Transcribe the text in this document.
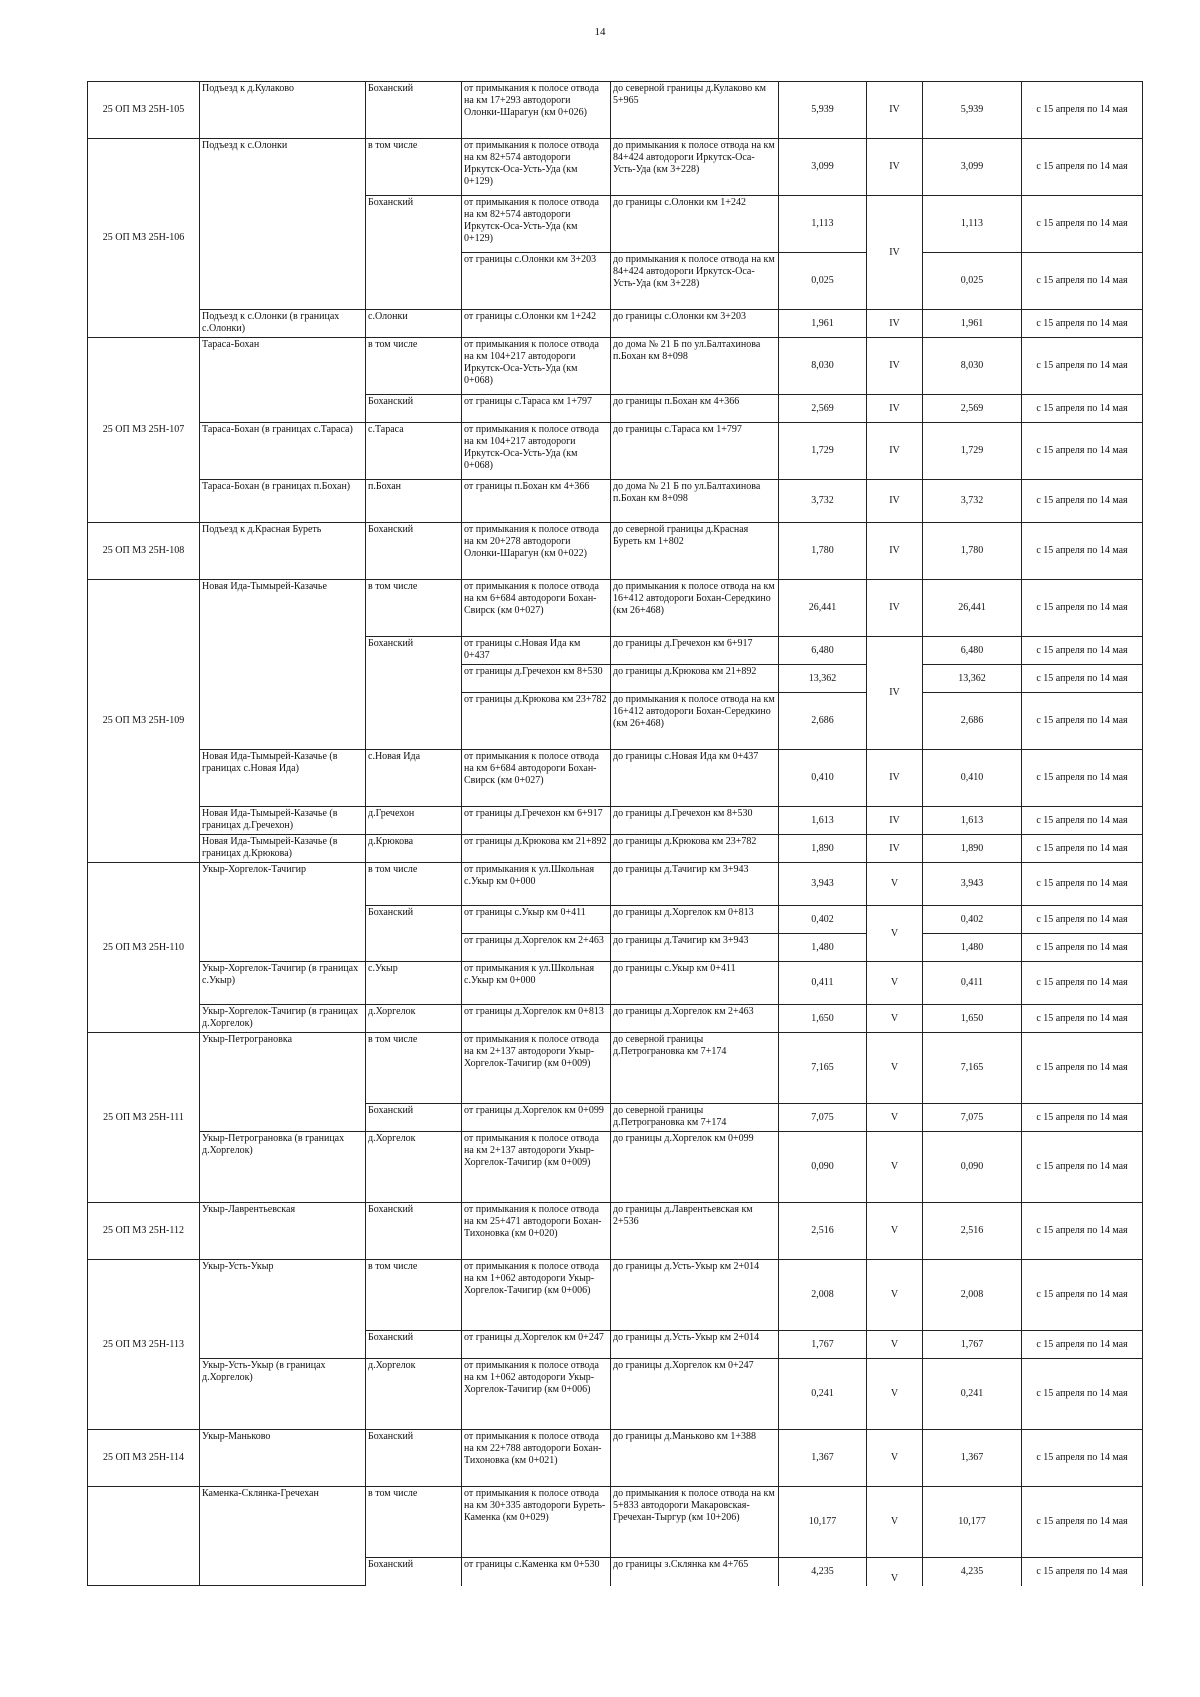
14
25 ОП МЗ 25Н-105	Подъезд к д.Кулаково	Боханский	от примыкания к полосе отвода на км 17+293 автодороги Олонки-Шарагун (км 0+026)	до северной границы д.Кулаково км 5+965	5,939	IV	5,939	с 15 апреля по 14 мая
25 ОП МЗ 25Н-106	Подъезд к с.Олонки	в том числе	от примыкания к полосе отвода на км 82+574 автодороги Иркутск-Оса-Усть-Уда (км 0+129)	до примыкания к полосе отвода на км 84+424 автодороги Иркутск-Оса-Усть-Уда (км 3+228)	3,099	IV	3,099	с 15 апреля по 14 мая
		Боханский	от примыкания к полосе отвода на км 82+574 автодороги Иркутск-Оса-Усть-Уда (км 0+129)	до границы с.Олонки км 1+242	1,113	IV	1,113	с 15 апреля по 14 мая
			от границы с.Олонки км 3+203	до примыкания к полосе отвода на км 84+424 автодороги Иркутск-Оса-Усть-Уда (км 3+228)	0,025		0,025	с 15 апреля по 14 мая
	Подъезд к с.Олонки (в границах с.Олонки)	с.Олонки	от границы с.Олонки км 1+242	до границы с.Олонки км 3+203	1,961	IV	1,961	с 15 апреля по 14 мая
25 ОП МЗ 25Н-107	Тараса-Бохан	в том числе	от примыкания к полосе отвода на км 104+217 автодороги Иркутск-Оса-Усть-Уда (км 0+068)	до дома № 21 Б по ул.Балтахинова п.Бохан км 8+098	8,030	IV	8,030	с 15 апреля по 14 мая
		Боханский	от границы с.Тараса км 1+797	до границы п.Бохан км 4+366	2,569	IV	2,569	с 15 апреля по 14 мая
	Тараса-Бохан (в границах с.Тараса)	с.Тараса	от примыкания к полосе отвода на км 104+217 автодороги Иркутск-Оса-Усть-Уда (км 0+068)	до границы с.Тараса км 1+797	1,729	IV	1,729	с 15 апреля по 14 мая
	Тараса-Бохан (в границах п.Бохан)	п.Бохан	от границы п.Бохан км 4+366	до дома № 21 Б по ул.Балтахинова п.Бохан км 8+098	3,732	IV	3,732	с 15 апреля по 14 мая
25 ОП МЗ 25Н-108	Подъезд к д.Красная Буреть	Боханский	от примыкания к полосе отвода на км 20+278 автодороги Олонки-Шарагун (км 0+022)	до северной границы д.Красная Буреть км 1+802	1,780	IV	1,780	с 15 апреля по 14 мая
25 ОП МЗ 25Н-109	Новая Ида-Тымырей-Казачье	в том числе	от примыкания к полосе отвода на км 6+684 автодороги Бохан-Свирск (км 0+027)	до примыкания к полосе отвода на км 16+412 автодороги Бохан-Середкино (км 26+468)	26,441	IV	26,441	с 15 апреля по 14 мая
		Боханский	от границы с.Новая Ида км 0+437	до границы д.Гречехон км 6+917	6,480	IV	6,480	с 15 апреля по 14 мая
			от границы д.Гречехон км 8+530	до границы д.Крюкова км 21+892	13,362		13,362	с 15 апреля по 14 мая
			от границы д.Крюкова км 23+782	до примыкания к полосе отвода на км 16+412 автодороги Бохан-Середкино (км 26+468)	2,686		2,686	с 15 апреля по 14 мая
	Новая Ида-Тымырей-Казачье (в границах с.Новая Ида)	с.Новая Ида	от примыкания к полосе отвода на км 6+684 автодороги Бохан-Свирск (км 0+027)	до границы с.Новая Ида км 0+437	0,410	IV	0,410	с 15 апреля по 14 мая
	Новая Ида-Тымырей-Казачье (в границах д.Гречехон)	д.Гречехон	от границы д.Гречехон км 6+917	до границы д.Гречехон км 8+530	1,613	IV	1,613	с 15 апреля по 14 мая
	Новая Ида-Тымырей-Казачье (в границах д.Крюкова)	д.Крюкова	от границы д.Крюкова км 21+892	до границы д.Крюкова км 23+782	1,890	IV	1,890	с 15 апреля по 14 мая
25 ОП МЗ 25Н-110	Укыр-Хоргелок-Тачигир	в том числе	от примыкания к ул.Школьная с.Укыр км 0+000	до границы д.Тачигир км 3+943	3,943	V	3,943	с 15 апреля по 14 мая
		Боханский	от границы с.Укыр км 0+411	до границы д.Хоргелок км 0+813	0,402	V	0,402	с 15 апреля по 14 мая
			от границы д.Хоргелок км 2+463	до границы д.Тачигир км 3+943	1,480		1,480	с 15 апреля по 14 мая
	Укыр-Хоргелок-Тачигир (в границах с.Укыр)	с.Укыр	от примыкания к ул.Школьная с.Укыр км 0+000	до границы с.Укыр км 0+411	0,411	V	0,411	с 15 апреля по 14 мая
	Укыр-Хоргелок-Тачигир (в границах д.Хоргелок)	д.Хоргелок	от границы д.Хоргелок км 0+813	до границы д.Хоргелок км 2+463	1,650	V	1,650	с 15 апреля по 14 мая
25 ОП МЗ 25Н-111	Укыр-Петрограновка	в том числе	от примыкания к полосе отвода на км 2+137 автодороги Укыр-Хоргелок-Тачигир (км 0+009)	до северной границы д.Петрограновка км 7+174	7,165	V	7,165	с 15 апреля по 14 мая
		Боханский	от границы д.Хоргелок км 0+099	до северной границы д.Петрограновка км 7+174	7,075	V	7,075	с 15 апреля по 14 мая
	Укыр-Петрограновка (в границах д.Хоргелок)	д.Хоргелок	от примыкания к полосе отвода на км 2+137 автодороги Укыр-Хоргелок-Тачигир (км 0+009)	до границы д.Хоргелок км 0+099	0,090	V	0,090	с 15 апреля по 14 мая
25 ОП МЗ 25Н-112	Укыр-Лаврентьевская	Боханский	от примыкания к полосе отвода на км 25+471 автодороги Бохан-Тихоновка (км 0+020)	до границы д.Лаврентьевская км 2+536	2,516	V	2,516	с 15 апреля по 14 мая
25 ОП МЗ 25Н-113	Укыр-Усть-Укыр	в том числе	от примыкания к полосе отвода на км 1+062 автодороги Укыр-Хоргелок-Тачигир (км 0+006)	до границы д.Усть-Укыр км 2+014	2,008	V	2,008	с 15 апреля по 14 мая
		Боханский	от границы д.Хоргелок км 0+247	до границы д.Усть-Укыр км 2+014	1,767	V	1,767	с 15 апреля по 14 мая
	Укыр-Усть-Укыр (в границах д.Хоргелок)	д.Хоргелок	от примыкания к полосе отвода на км 1+062 автодороги Укыр-Хоргелок-Тачигир (км 0+006)	до границы д.Хоргелок км 0+247	0,241	V	0,241	с 15 апреля по 14 мая
25 ОП МЗ 25Н-114	Укыр-Маньково	Боханский	от примыкания к полосе отвода на км 22+788 автодороги Бохан-Тихоновка (км 0+021)	до границы д.Маньково км 1+388	1,367	V	1,367	с 15 апреля по 14 мая
	Каменка-Склянка-Гречехан	в том числе	от примыкания к полосе отвода на км 30+335 автодороги Буреть-Каменка (км 0+029)	до примыкания к полосе отвода на км 5+833 автодороги Макаровская-Гречехан-Тыргур (км 10+206)	10,177	V	10,177	с 15 апреля по 14 мая
		Боханский	от границы с.Каменка км 0+530	до границы з.Склянка км 4+765	4,235	V	4,235	с 15 апреля по 14 мая
